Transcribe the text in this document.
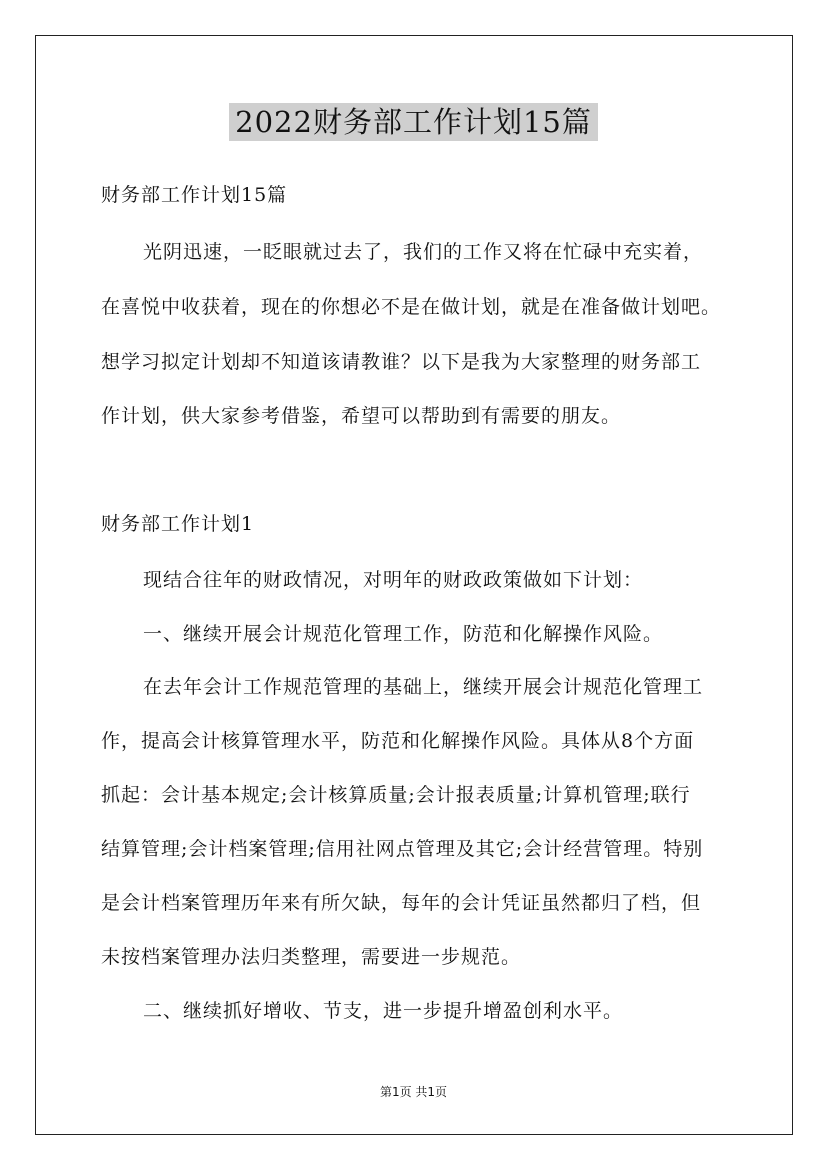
2022财务部工作计划15篇
财务部工作计划15篇
光阴迅速，一眨眼就过去了，我们的工作又将在忙碌中充实着，
在喜悦中收获着，现在的你想必不是在做计划，就是在准备做计划吧。
想学习拟定计划却不知道该请教谁？以下是我为大家整理的财务部工
作计划，供大家参考借鉴，希望可以帮助到有需要的朋友。
财务部工作计划1
现结合往年的财政情况，对明年的财政政策做如下计划：
一、继续开展会计规范化管理工作，防范和化解操作风险。
在去年会计工作规范管理的基础上，继续开展会计规范化管理工
作，提高会计核算管理水平，防范和化解操作风险。具体从8个方面
抓起：会计基本规定;会计核算质量;会计报表质量;计算机管理;联行
结算管理;会计档案管理;信用社网点管理及其它;会计经营管理。特别
是会计档案管理历年来有所欠缺，每年的会计凭证虽然都归了档，但
未按档案管理办法归类整理，需要进一步规范。
二、继续抓好增收、节支，进一步提升增盈创利水平。
第1页 共1页
